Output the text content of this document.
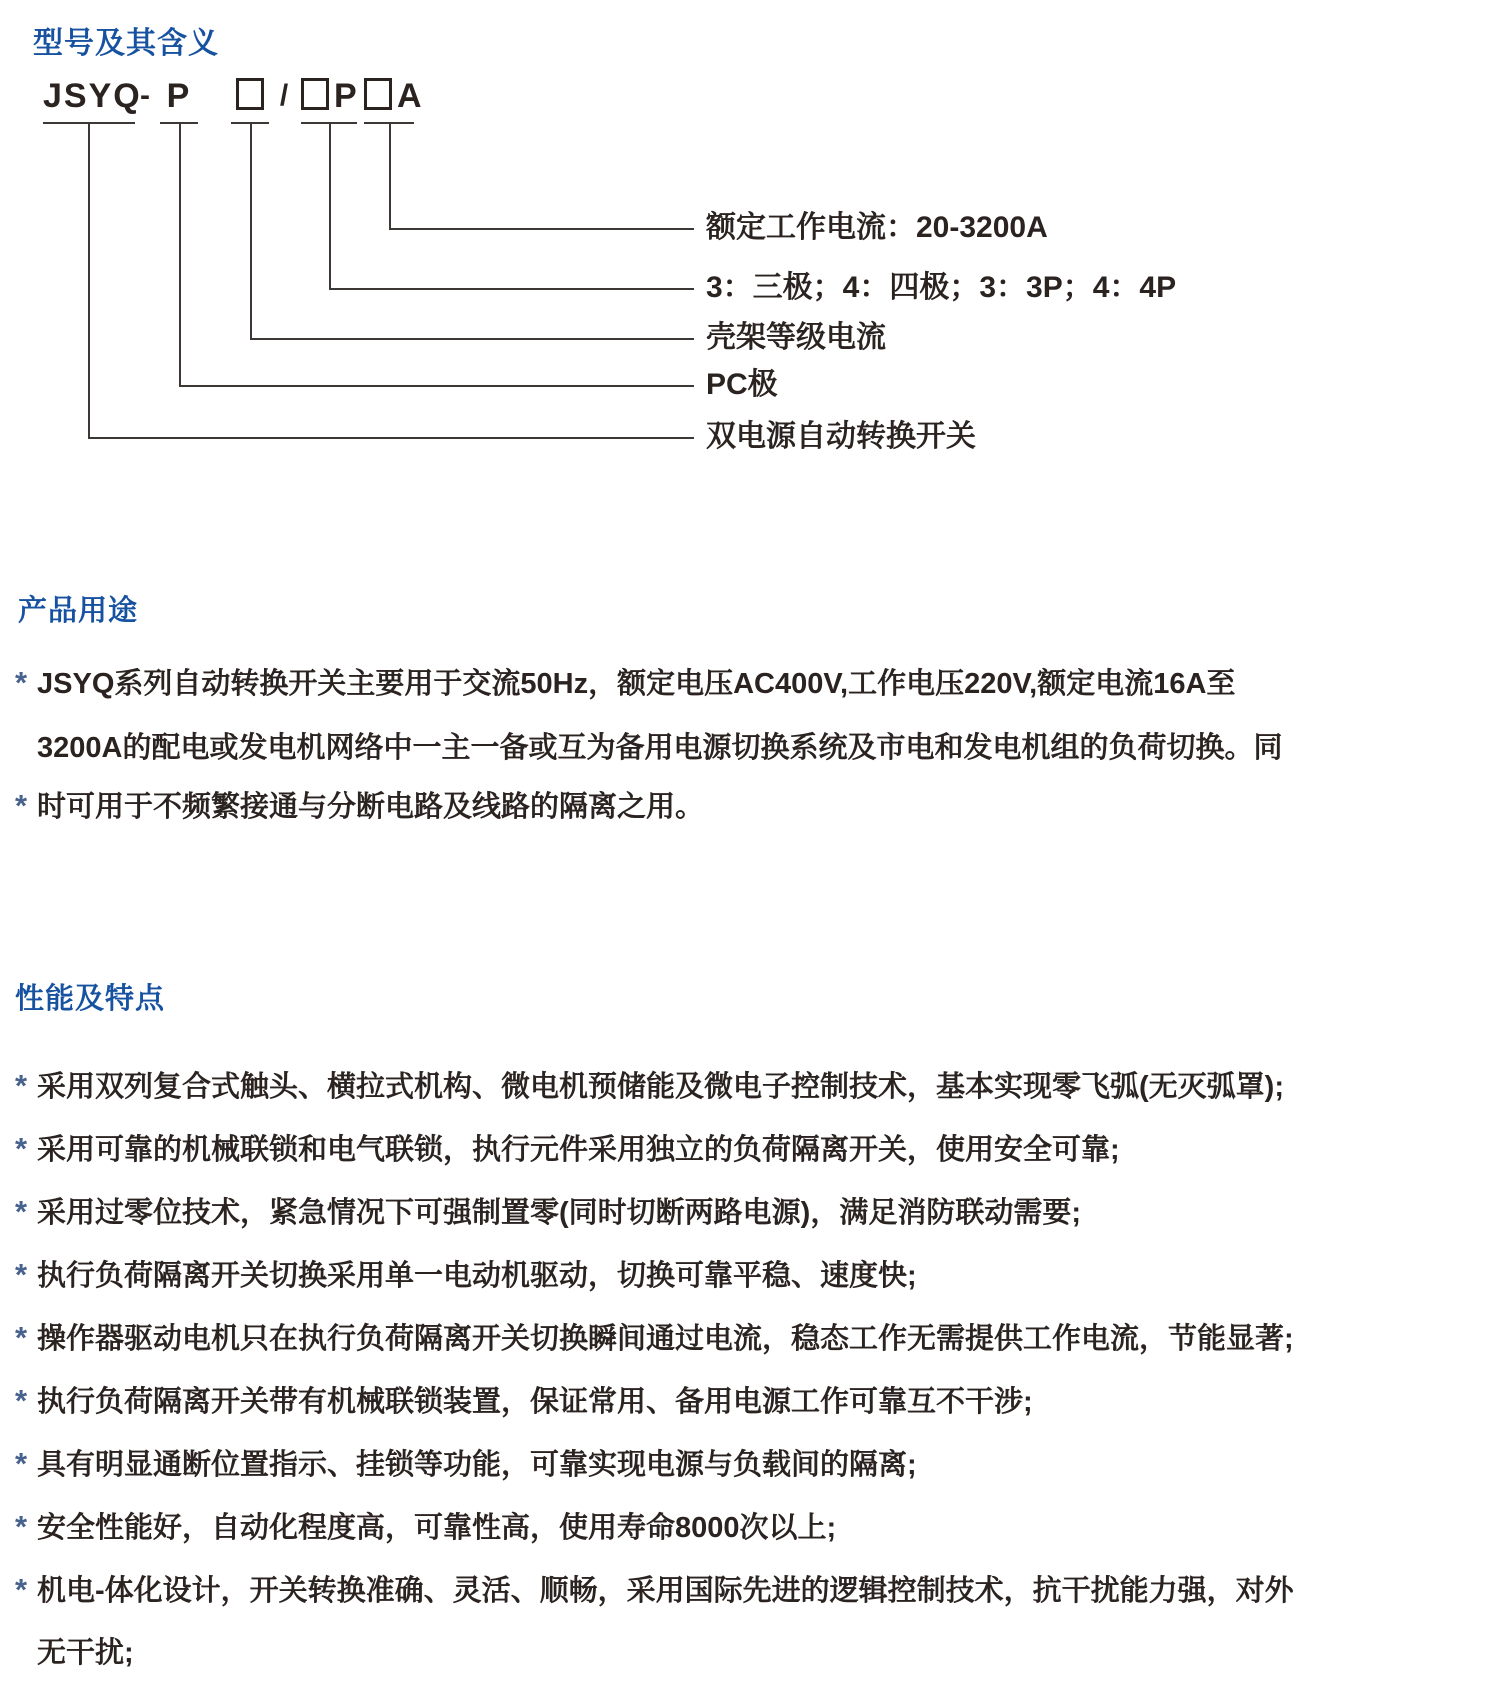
型号及其含义
JSYQ
- P	/	P	A
额定工作电流：20-3200A
3：三极；4：四极；3：3P；4：4P
壳架等级电流
PC极
双电源自动转换开关
产品用途
* JSYQ系列自动转换开关主要用于交流50Hz，额定电压AC400V,工作电压220V,额定电流16A至
3200A的配电或发电机网络中一主一备或互为备用电源切换系统及市电和发电机组的负荷切换。同
* 时可用于不频繁接通与分断电路及线路的隔离之用。
性能及特点
* 采用双列复合式触头、横拉式机构、微电机预储能及微电子控制技术，基本实现零飞弧(无灭弧罩);
* 采用可靠的机械联锁和电气联锁，执行元件采用独立的负荷隔离开关，使用安全可靠;
* 采用过零位技术，紧急情况下可强制置零(同时切断两路电源)，满足消防联动需要;
* 执行负荷隔离开关切换采用单一电动机驱动，切换可靠平稳、速度快;
* 操作器驱动电机只在执行负荷隔离开关切换瞬间通过电流，稳态工作无需提供工作电流，节能显著;
* 执行负荷隔离开关带有机械联锁装置，保证常用、备用电源工作可靠互不干涉;
* 具有明显通断位置指示、挂锁等功能，可靠实现电源与负载间的隔离;
* 安全性能好，自动化程度高，可靠性高，使用寿命8000次以上;
* 机电-体化设计，开关转换准确、灵活、顺畅，采用国际先进的逻辑控制技术，抗干扰能力强，对外
无干扰;
